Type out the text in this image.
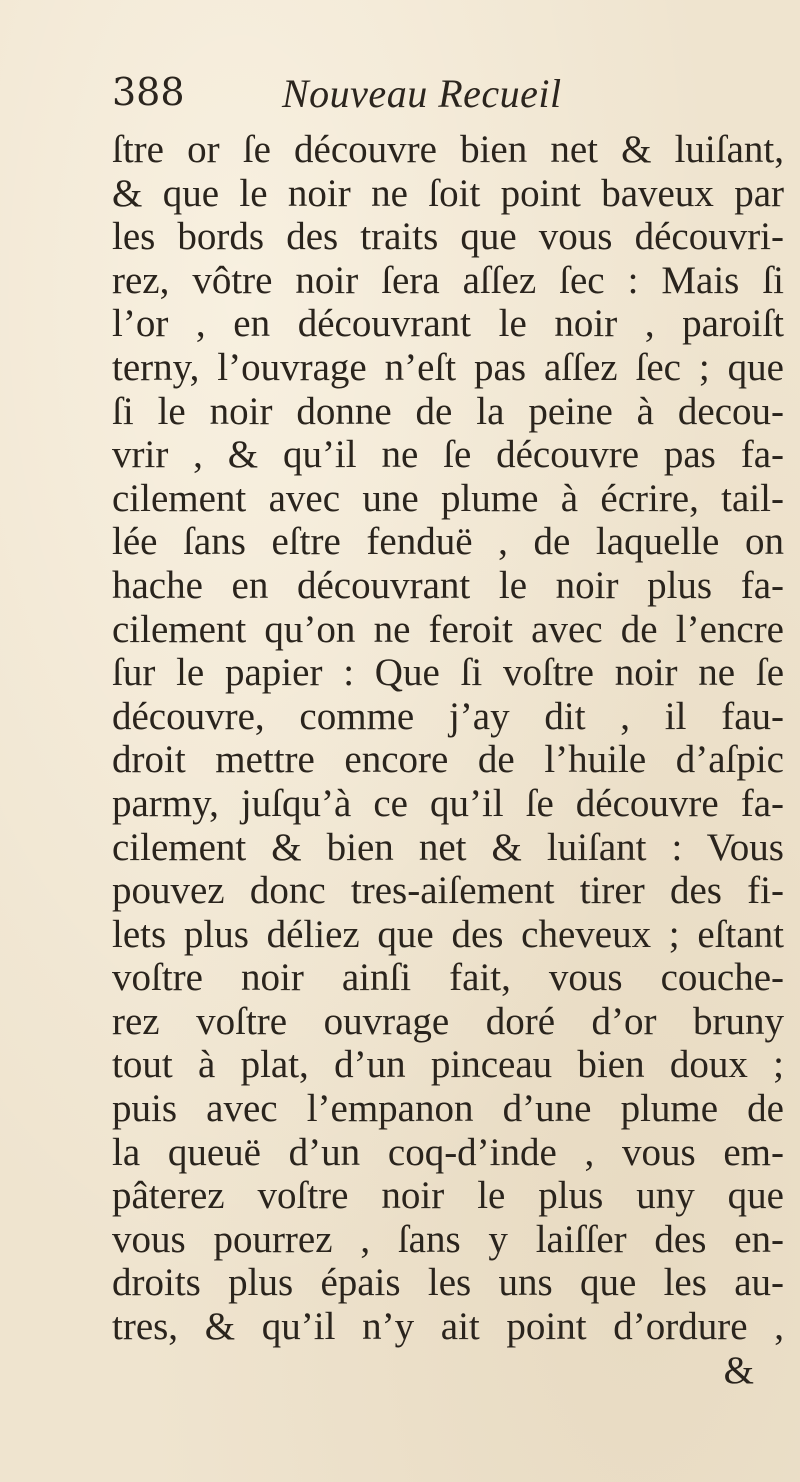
388 Nouveau Recueil
ſtre or ſe découvre bien net & luiſant,
& que le noir ne ſoit point baveux par
les bords des traits que vous découvri-
rez, vôtre noir ſera aſſez ſec : Mais ſi
l’or , en découvrant le noir , paroiſt
terny, l’ouvrage n’eſt pas aſſez ſec ; que
ſi le noir donne de la peine à decou-
vrir , & qu’il ne ſe découvre pas fa-
cilement avec une plume à écrire, tail-
lée ſans eſtre fenduë , de laquelle on
hache en découvrant le noir plus fa-
cilement qu’on ne feroit avec de l’encre
ſur le papier : Que ſi voſtre noir ne ſe
découvre, comme j’ay dit , il fau-
droit mettre encore de l’huile d’aſpic
parmy, juſqu’à ce qu’il ſe découvre fa-
cilement & bien net & luiſant : Vous
pouvez donc tres-aiſement tirer des fi-
lets plus déliez que des cheveux ; eſtant
voſtre noir ainſi fait, vous couche-
rez voſtre ouvrage doré d’or bruny
tout à plat, d’un pinceau bien doux ;
puis avec l’empanon d’une plume de
la queuë d’un coq-d’inde , vous em-
pâterez voſtre noir le plus uny que
vous pourrez , ſans y laiſſer des en-
droits plus épais les uns que les au-
tres, & qu’il n’y ait point d’ordure ,
&
